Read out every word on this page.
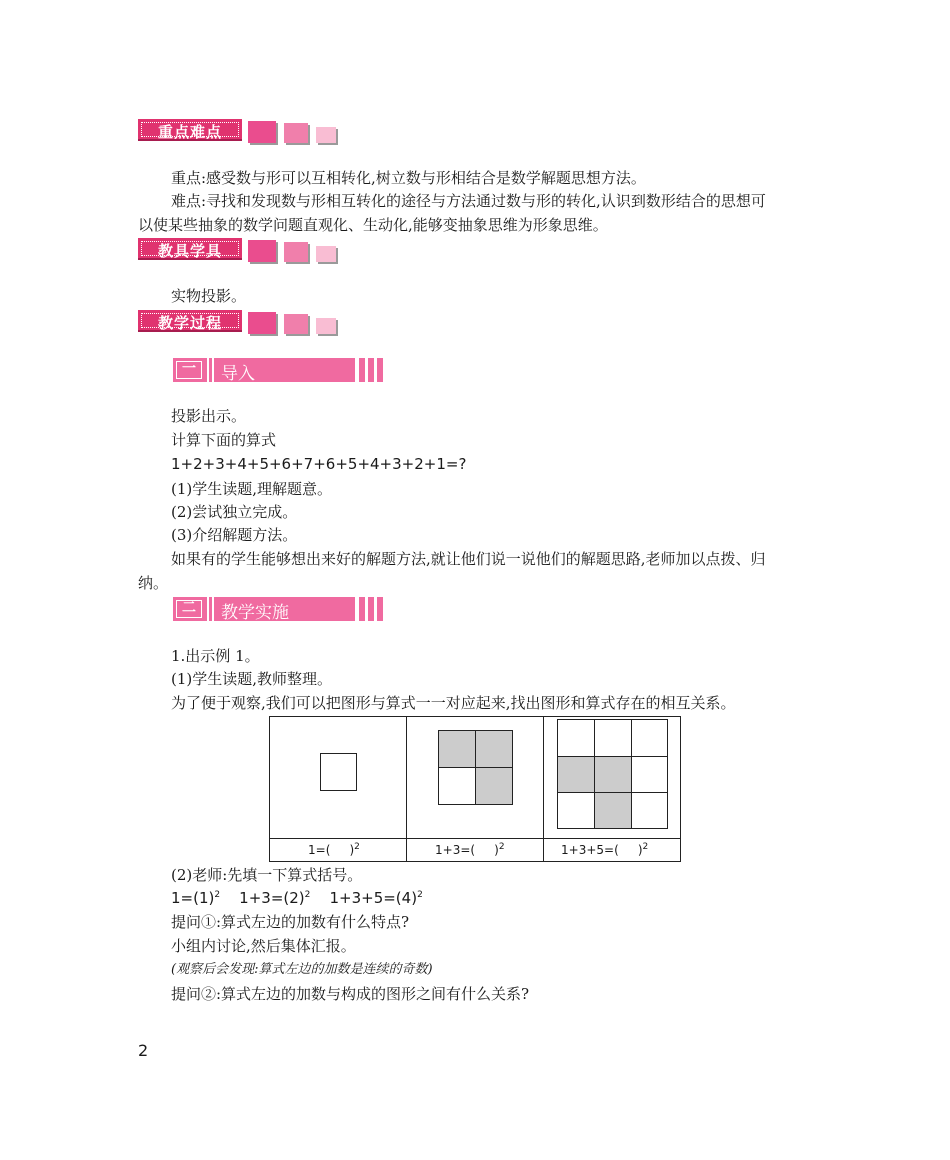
重点难点
重点:感受数与形可以互相转化,树立数与形相结合是数学解题思想方法。
难点:寻找和发现数与形相互转化的途径与方法通过数与形的转化,认识到数形结合的思想可
以使某些抽象的数学问题直观化、生动化,能够变抽象思维为形象思维。
教具学具
实物投影。
教学过程
一	导入
投影出示。
计算下面的算式
1+2+3+4+5+6+7+6+5+4+3+2+1=?
(1)学生读题,理解题意。
(2)尝试独立完成。
(3)介绍解题方法。
如果有的学生能够想出来好的解题方法,就让他们说一说他们的解题思路,老师加以点拨、归
纳。
二	教学实施
1.出示例 1。
(1)学生读题,教师整理。
为了便于观察,我们可以把图形与算式一一对应起来,找出图形和算式存在的相互关系。
1=( )$^2$	1+3=( )$^2$	1+3+5=( )$^2$
(2)老师:先填一下算式括号。
$1=(1)^2$ $1+3=(2)^2$ $1+3+5=(4)^2$
提问①:算式左边的加数有什么特点?
小组内讨论,然后集体汇报。
(观察后会发现:算式左边的加数是连续的奇数)
提问②:算式左边的加数与构成的图形之间有什么关系?
2
